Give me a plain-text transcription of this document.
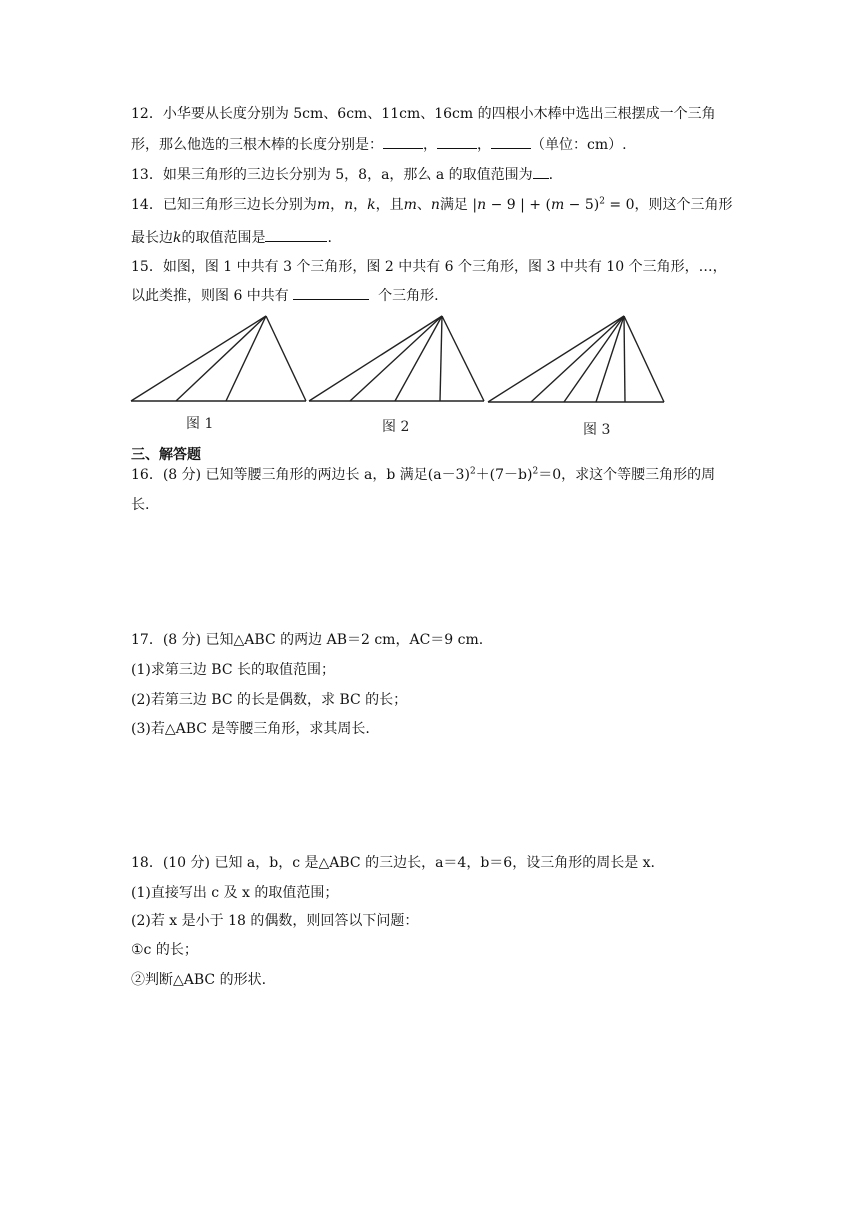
12．小华要从长度分别为 5cm、6cm、11cm、16cm 的四根小木棒中选出三根摆成一个三角
形，那么他选的三根木棒的长度分别是：	，	，	（单位：cm）.
13．如果三角形的三边长分别为 5，8，a，那么 a 的取值范围为 .
14．已知三角形三边长分别为m，n，k，且m、n满足 |n − 9 | + $(m - 5)^2 = 0$，则这个三角形
最长边k的取值范围是	.
15．如图，图 1 中共有 3 个三角形，图 2 中共有 6 个三角形，图 3 中共有 10 个三角形，…，
以此类推，则图 6 中共有	个三角形.
图 1	图 2	图 3
三、解答题
16．(8 分) 已知等腰三角形的两边长 a，b 满足$(a-3)^2+(7-b)^2=0$，求这个等腰三角形的周
长.
17．(8 分) 已知△ABC 的两边 AB＝2 cm，AC＝9 cm.
(1)求第三边 BC 长的取值范围；
(2)若第三边 BC 的长是偶数，求 BC 的长；
(3)若△ABC 是等腰三角形，求其周长.
18．(10 分) 已知 a，b，c 是△ABC 的三边长，a＝4，b＝6，设三角形的周长是 x.
(1)直接写出 c 及 x 的取值范围；
(2)若 x 是小于 18 的偶数，则回答以下问题：
①c 的长；
②判断△ABC 的形状.
